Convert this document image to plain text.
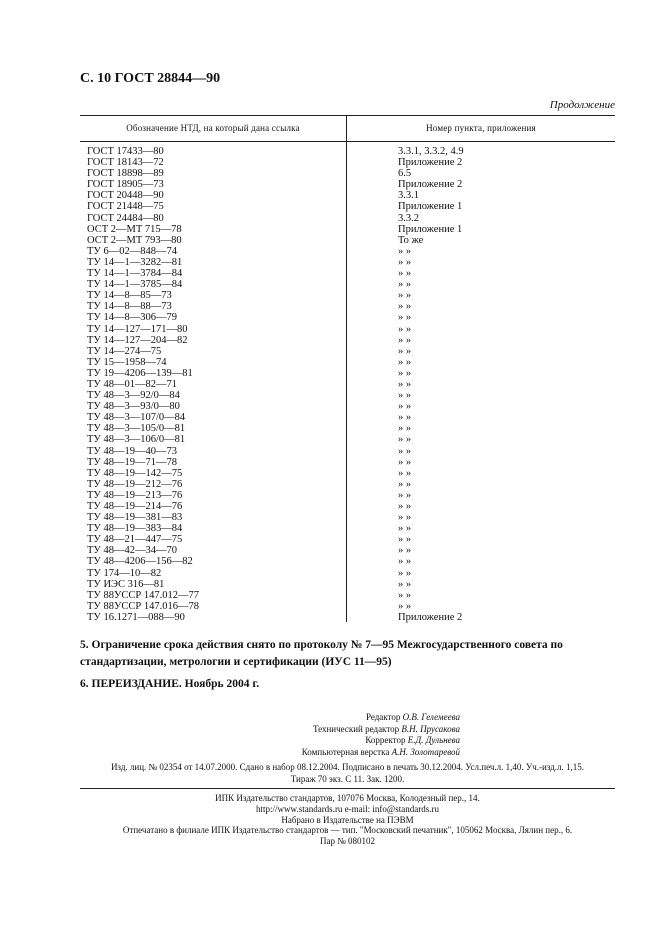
С. 10 ГОСТ 28844—90
Продолжение
Обозначение НТД, на который дана ссылка	Номер пункта, приложения
ГОСТ 17433—80
ГОСТ 18143—72
ГОСТ 18898—89
ГОСТ 18905—73
ГОСТ 20448—90
ГОСТ 21448—75
ГОСТ 24484—80
ОСТ 2—МТ 715—78
ОСТ 2—МТ 793—80
ТУ 6—02—848—74
ТУ 14—1—3282—81
ТУ 14—1—3784—84
ТУ 14—1—3785—84
ТУ 14—8—85—73
ТУ 14—8—88—73
ТУ 14—8—306—79
ТУ 14—127—171—80
ТУ 14—127—204—82
ТУ 14—274—75
ТУ 15—1958—74
ТУ 19—4206—139—81
ТУ 48—01—82—71
ТУ 48—3—92/0—84
ТУ 48—3—93/0—80
ТУ 48—3—107/0—84
ТУ 48—3—105/0—81
ТУ 48—3—106/0—81
ТУ 48—19—40—73
ТУ 48—19—71—78
ТУ 48—19—142—75
ТУ 48—19—212—76
ТУ 48—19—213—76
ТУ 48—19—214—76
ТУ 48—19—381—83
ТУ 48—19—383—84
ТУ 48—21—447—75
ТУ 48—42—34—70
ТУ 48—4206—156—82
ТУ 174—10—82
ТУ ИЭС 316—81
ТУ 88УССР 147.012—77
ТУ 88УССР 147.016—78
ТУ 16.1271—088—90
3.3.1, 3.3.2, 4.9
Приложение 2
6.5
Приложение 2
3.3.1
Приложение 1
3.3.2
Приложение 1
То же
» »
» »
» »
» »
» »
» »
» »
» »
» »
» »
» »
» »
» »
» »
» »
» »
» »
» »
» »
» »
» »
» »
» »
» »
» »
» »
» »
» »
» »
» »
» »
» »
» »
Приложение 2
5. Ограничение срока действия снято по протоколу № 7—95 Межгосударственного совета по стандартизации, метрологии и сертификации (ИУС 11—95)
6. ПЕРЕИЗДАНИЕ. Ноябрь 2004 г.
Редактор О.В. Гелемеева
Технический редактор В.Н. Прусакова
Корректор Е.Д. Дульнева
Компьютерная верстка А.Н. Золотаревой
Изд. лиц. № 02354 от 14.07.2000. Сдано в набор 08.12.2004. Подписано в печать 30.12.2004. Усл.печ.л. 1,40. Уч.-изд.л. 1,15.
Тираж 70 экз. С 11. Зак. 1200.
ИПК Издательство стандартов, 107076 Москва, Колодезный пер., 14.
http://www.standards.ru e-mail: info@standards.ru
Набрано в Издательстве на ПЭВМ
Отпечатано в филиале ИПК Издательство стандартов — тип. "Московский печатник", 105062 Москва, Лялин пер., 6.
Пар № 080102
